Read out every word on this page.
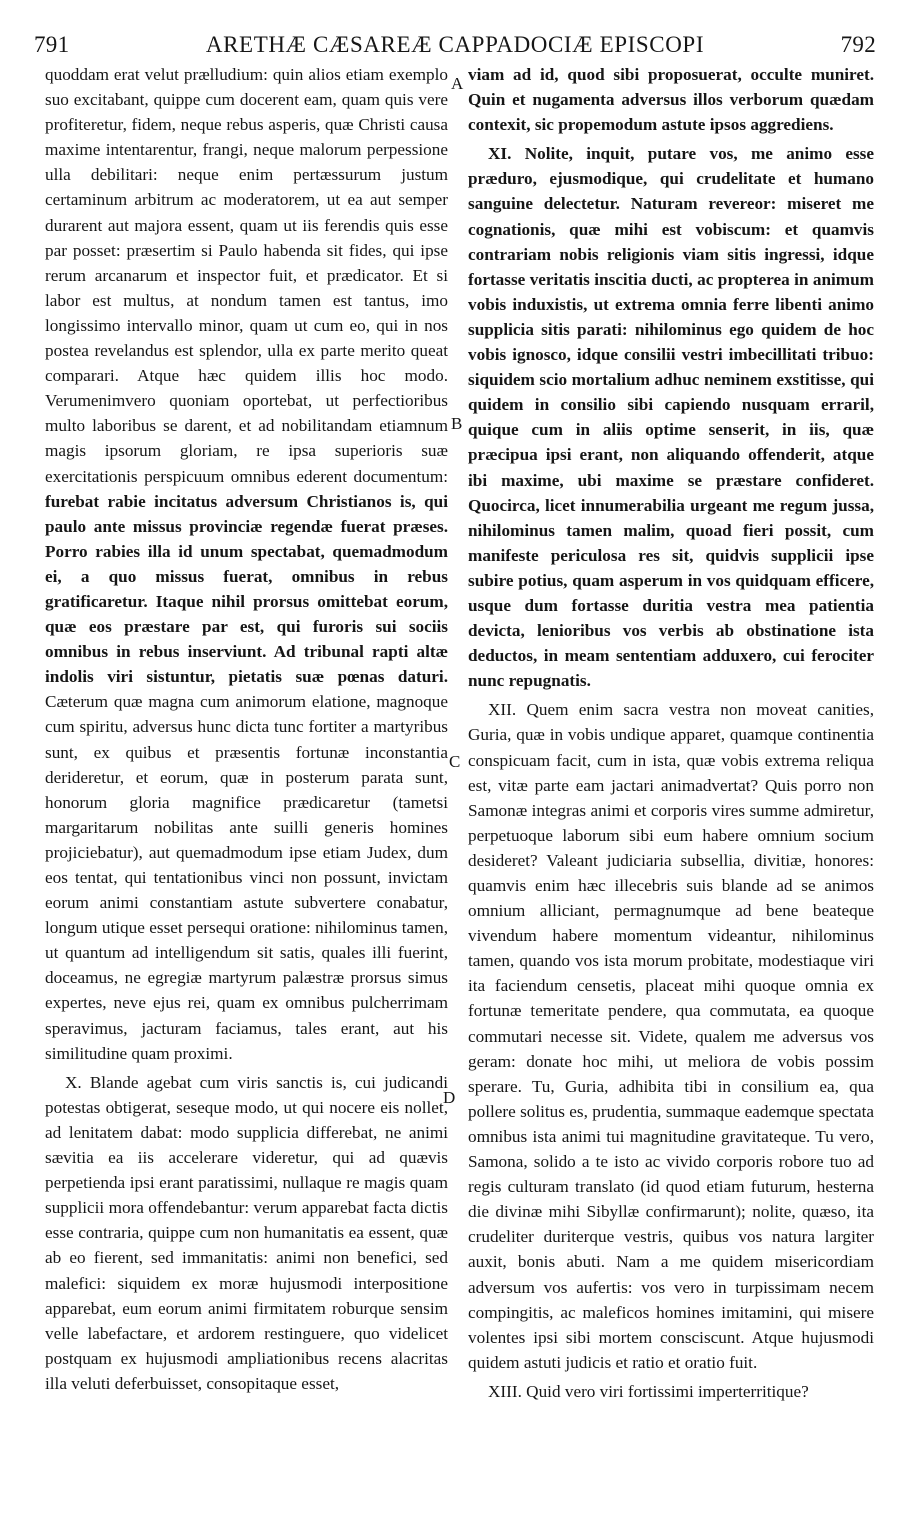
791	ARETHÆ CÆSAREÆ CAPPADOCIÆ EPISCOPI	792

quoddam erat velut prælludium: quin alios etiam exemplo suo excitabant, quippe cum docerent eam, quam quis vere profiteretur, fidem, neque rebus asperis, quæ Christi causa maxime intentarentur, frangi, neque malorum perpessione ulla debilitari: neque enim pertæssurum justum certaminum arbitrum ac moderatorem, ut ea aut semper durarent aut majora essent, quam ut iis ferendis quis esse par posset: præsertim si Paulo habenda sit fides, qui ipse rerum arcanarum et inspector fuit, et prædicator. Et si labor est multus, at nondum tamen est tantus, imo longissimo intervallo minor, quam ut cum eo, qui in nos postea revelandus est splendor, ulla ex parte merito queat comparari. Atque hæc quidem illis hoc modo. Verumenimvero quoniam oportebat, ut perfectioribus multo laboribus se darent, et ad nobilitandam etiamnum magis ipsorum gloriam, re ipsa superioris suæ exercitationis perspicuum omnibus ederent documentum: furebat rabie incitatus adversum Christianos is, qui paulo ante missus provinciæ regendæ fuerat præses. Porro rabies illa id unum spectabat, quemadmodum ei, a quo missus fuerat, omnibus in rebus gratificaretur. Itaque nihil prorsus omittebat eorum, quæ eos præstare par est, qui furoris sui sociis omnibus in rebus inserviunt. Ad tribunal rapti altæ indolis viri sistuntur, pietatis suæ pœnas daturi. Cæterum quæ magna cum animorum elatione, magnoque cum spiritu, adversus hunc dicta tunc fortiter a martyribus sunt, ex quibus et præsentis fortunæ inconstantia derideretur, et eorum, quæ in posterum parata sunt, honorum gloria magnifice prædicaretur (tametsi margaritarum nobilitas ante suilli generis homines projiciebatur), aut quemadmodum ipse etiam Judex, dum eos tentat, qui tentationibus vinci non possunt, invictam eorum animi constantiam astute subvertere conabatur, longum utique esset persequi oratione: nihilominus tamen, ut quantum ad intelligendum sit satis, quales illi fuerint, doceamus, ne egregiæ martyrum palæstræ prorsus simus expertes, neve ejus rei, quam ex omnibus pulcherrimam speravimus, jacturam faciamus, tales erant, aut his similitudine quam proximi.

X. Blande agebat cum viris sanctis is, cui judicandi potestas obtigerat, seseque modo, ut qui nocere eis nollet, ad lenitatem dabat: modo supplicia differebat, ne animi sævitia ea iis accelerare videretur, qui ad quævis perpetienda ipsi erant paratissimi, nullaque re magis quam supplicii mora offendebantur: verum apparebat facta dictis esse contraria, quippe cum non humanitatis ea essent, quæ ab eo fierent, sed immanitatis: animi non benefici, sed malefici: siquidem ex moræ hujusmodi interpositione apparebat, eum eorum animi firmitatem roburque sensim velle labefactare, et ardorem restinguere, quo videlicet postquam ex hujusmodi ampliationibus recens alacritas illa veluti deferbuisset, consopitaque esset,

viam ad id, quod sibi proposuerat, occulte muniret. Quin et nugamenta adversus illos verborum quædam contexit, sic propemodum astute ipsos aggrediens.

XI. Nolite, inquit, putare vos, me animo esse præduro, ejusmodique, qui crudelitate et humano sanguine delectetur. Naturam revereor: miseret me cognationis, quæ mihi est vobiscum: et quamvis contrariam nobis religionis viam sitis ingressi, idque fortasse veritatis inscitia ducti, ac propterea in animum vobis induxistis, ut extrema omnia ferre libenti animo supplicia sitis parati: nihilominus ego quidem de hoc vobis ignosco, idque consilii vestri imbecillitati tribuo: siquidem scio mortalium adhuc neminem exstitisse, qui quidem in consilio sibi capiendo nusquam erraril, quique cum in aliis optime senserit, in iis, quæ præcipua ipsi erant, non aliquando offenderit, atque ibi maxime, ubi maxime se præstare confideret. Quocirca, licet innumerabilia urgeant me regum jussa, nihilominus tamen malim, quoad fieri possit, cum manifeste periculosa res sit, quidvis supplicii ipse subire potius, quam asperum in vos quidquam efficere, usque dum fortasse duritia vestra mea patientia devicta, lenioribus vos verbis ab obstinatione ista deductos, in meam sententiam adduxero, cui ferociter nunc repugnatis.

XII. Quem enim sacra vestra non moveat canities, Guria, quæ in vobis undique apparet, quamque continentia conspicuam facit, cum in ista, quæ vobis extrema reliqua est, vitæ parte eam jactari animadvertat? Quis porro non Samonæ integras animi et corporis vires summe admiretur, perpetuoque laborum sibi eum habere omnium socium desideret? Valeant judiciaria subsellia, divitiæ, honores: quamvis enim hæc illecebris suis blande ad se animos omnium alliciant, permagnumque ad bene beateque vivendum habere momentum videantur, nihilominus tamen, quando vos ista morum probitate, modestiaque viri ita faciendum censetis, placeat mihi quoque omnia ex fortunæ temeritate pendere, qua commutata, ea quoque commutari necesse sit. Videte, qualem me adversus vos geram: donate hoc mihi, ut meliora de vobis possim sperare. Tu, Guria, adhibita tibi in consilium ea, qua pollere solitus es, prudentia, summaque eademque spectata omnibus ista animi tui magnitudine gravitateque. Tu vero, Samona, solido a te isto ac vivido corporis robore tuo ad regis culturam translato (id quod etiam futurum, hesterna die divinæ mihi Sibyllæ confirmarunt); nolite, quæso, ita crudeliter duriterque vestris, quibus vos natura largiter auxit, bonis abuti. Nam a me quidem misericordiam adversum vos aufertis: vos vero in turpissimam necem compingitis, ac maleficos homines imitamini, qui misere volentes ipsi sibi mortem consciscunt. Atque hujusmodi quidem astuti judicis et ratio et oratio fuit.

XIII. Quid vero viri fortissimi imperterritique?

A
B
C
D
